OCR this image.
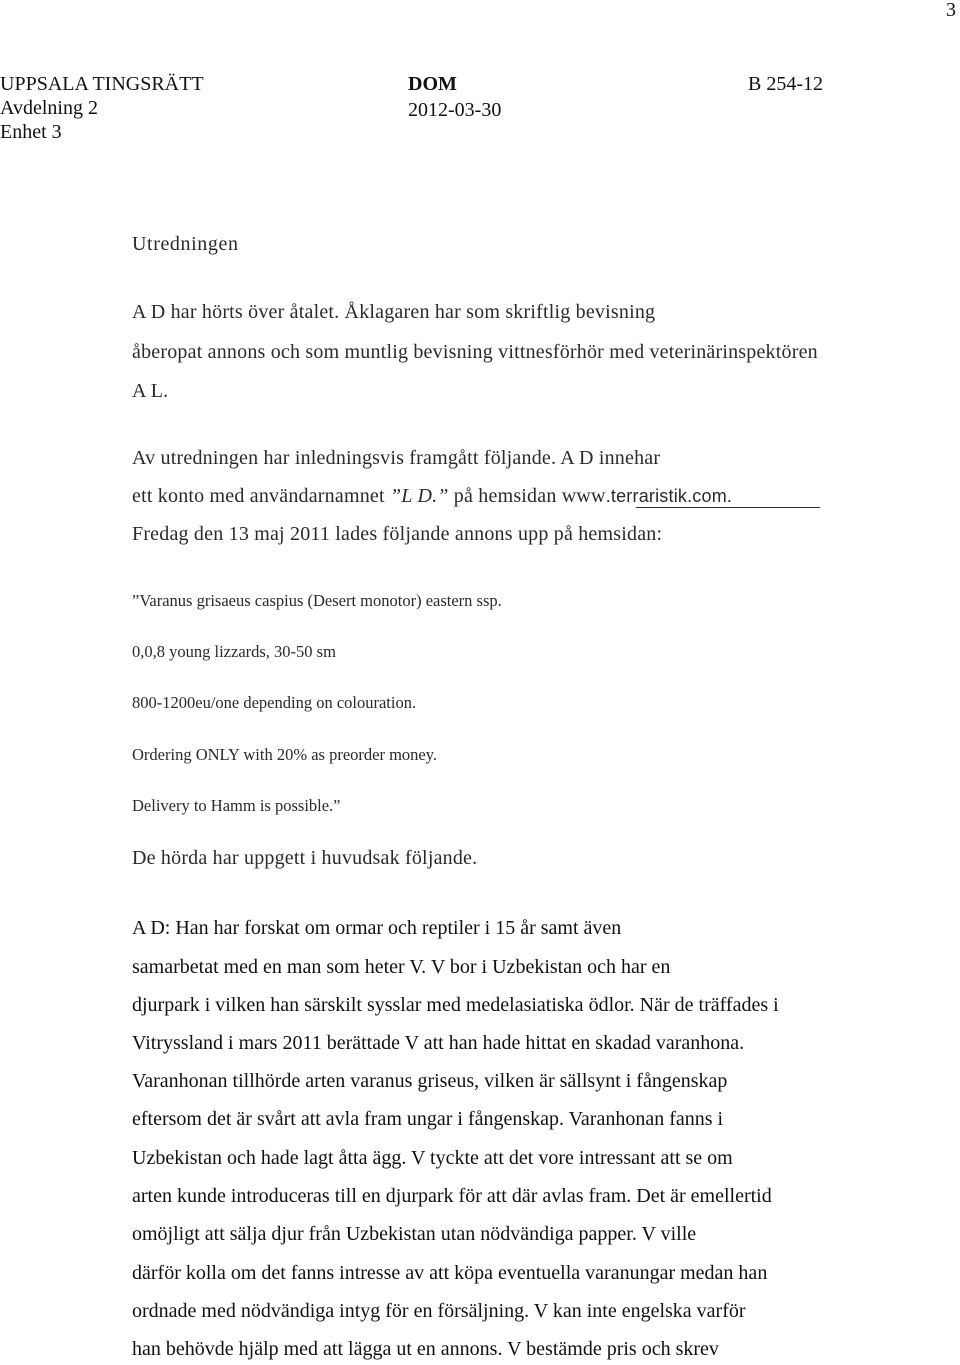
3
UPPSALA TINGSRÄTT
Avdelning 2
Enhet 3
DOM
2012-03-30
B 254-12
Utredningen
A D har hörts över åtalet. Åklagaren har som skriftlig bevisning
åberopat annons och som muntlig bevisning vittnesförhör med veterinärinspektören
A L.
Av utredningen har inledningsvis framgått följande. A D innehar
ett konto med användarnamnet ”L D.” på hemsidan www.terraristik.com.
Fredag den 13 maj 2011 lades följande annons upp på hemsidan:
”Varanus grisaeus caspius (Desert monotor) eastern ssp.
0,0,8 young lizzards, 30-50 sm
800-1200eu/one depending on colouration.
Ordering ONLY with 20% as preorder money.
Delivery to Hamm is possible.”
De hörda har uppgett i huvudsak följande.
A D: Han har forskat om ormar och reptiler i 15 år samt även
samarbetat med en man som heter V. V bor i Uzbekistan och har en
djurpark i vilken han särskilt sysslar med medelasiatiska ödlor. När de träffades i
Vitryssland i mars 2011 berättade V att han hade hittat en skadad varanhona.
Varanhonan tillhörde arten varanus griseus, vilken är sällsynt i fångenskap
eftersom det är svårt att avla fram ungar i fångenskap. Varanhonan fanns i
Uzbekistan och hade lagt åtta ägg. V tyckte att det vore intressant att se om
arten kunde introduceras till en djurpark för att där avlas fram. Det är emellertid
omöjligt att sälja djur från Uzbekistan utan nödvändiga papper. V ville
därför kolla om det fanns intresse av att köpa eventuella varanungar medan han
ordnade med nödvändiga intyg för en försäljning. V kan inte engelska varför
han behövde hjälp med att lägga ut en annons. V bestämde pris och skrev
